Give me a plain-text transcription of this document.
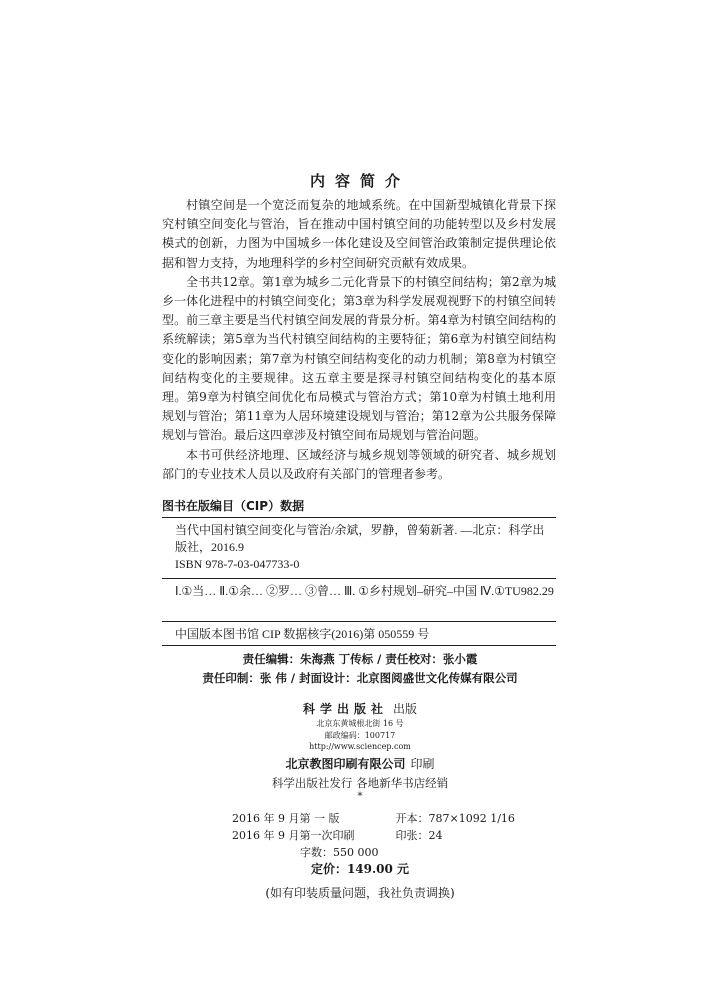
内容简介

村镇空间是一个宽泛而复杂的地域系统。在中国新型城镇化背景下探究村镇空间变化与管治，旨在推动中国村镇空间的功能转型以及乡村发展模式的创新，力图为中国城乡一体化建设及空间管治政策制定提供理论依据和智力支持，为地理科学的乡村空间研究贡献有效成果。

全书共12章。第1章为城乡二元化背景下的村镇空间结构；第2章为城乡一体化进程中的村镇空间变化；第3章为科学发展观视野下的村镇空间转型。前三章主要是当代村镇空间发展的背景分析。第4章为村镇空间结构的系统解读；第5章为当代村镇空间结构的主要特征；第6章为村镇空间结构变化的影响因素；第7章为村镇空间结构变化的动力机制；第8章为村镇空间结构变化的主要规律。这五章主要是探寻村镇空间结构变化的基本原理。第9章为村镇空间优化布局模式与管治方式；第10章为村镇土地利用规划与管治；第11章为人居环境建设规划与管治；第12章为公共服务保障规划与管治。最后这四章涉及村镇空间布局规划与管治问题。

本书可供经济地理、区域经济与城乡规划等领域的研究者、城乡规划部门的专业技术人员以及政府有关部门的管理者参考。

图书在版编目（CIP）数据

当代中国村镇空间变化与管治/余斌，罗静，曾菊新著. —北京：科学出版社，2016.9

ISBN 978-7-03-047733-0

Ⅰ.①当… Ⅱ.①余… ②罗… ③曾… Ⅲ. ①乡村规划–研究–中国 Ⅳ.①TU982.29

中国版本图书馆 CIP 数据核字(2016)第 050559 号

责任编辑：朱海燕 丁传标 / 责任校对：张小霞
责任印制：张 伟 / 封面设计：北京图阅盛世文化传媒有限公司
科学出版社 出版
北京东黄城根北街 16 号
邮政编码：100717
http://www.sciencep.com
北京教图印刷有限公司 印刷
科学出版社发行 各地新华书店经销
*
2016 年 9 月第 一 版	开本：787×1092 1/16
2016 年 9 月第一次印刷	印张：24
字数：550 000
定价：149.00 元
(如有印装质量问题，我社负责调换)
